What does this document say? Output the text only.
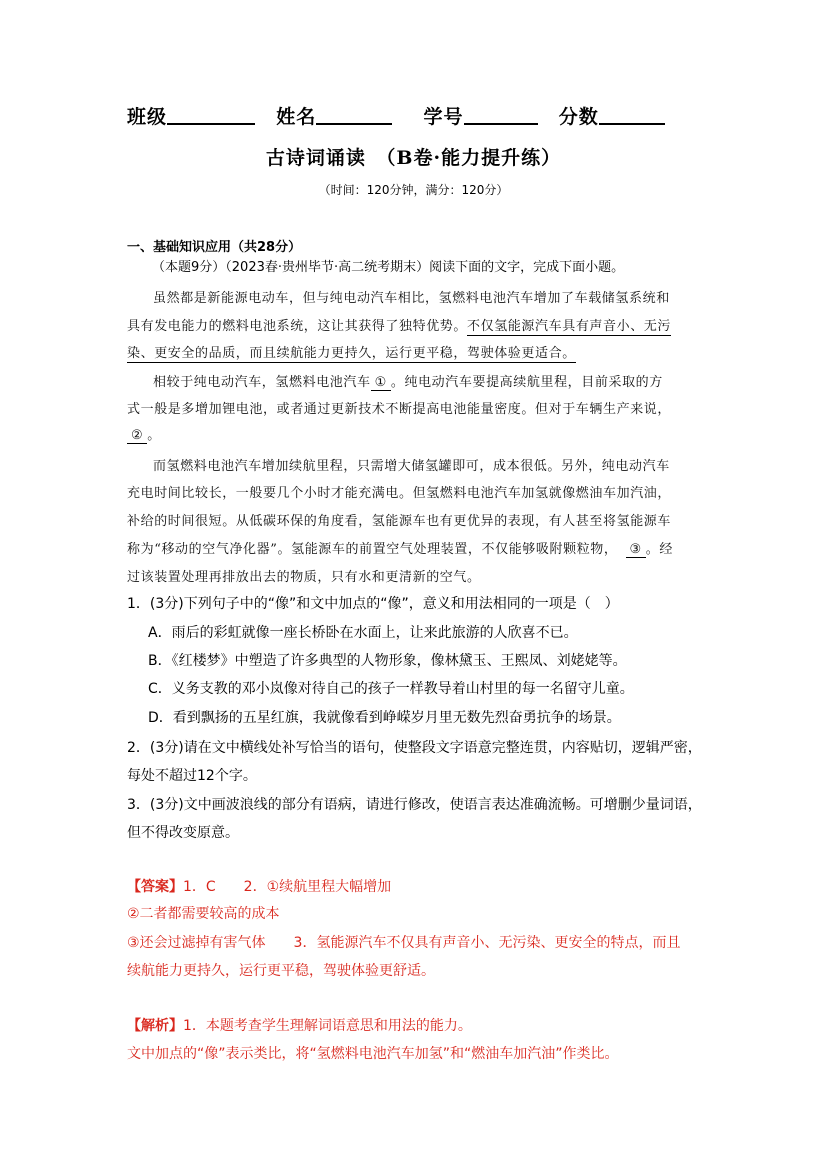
班级	姓名	学号	分数
古诗词诵读　（B卷·能力提升练）
（时间：120分钟，满分：120分）
一、基础知识应用（共28分）
（本题9分）（2023春·贵州毕节·高二统考期末）阅读下面的文字，完成下面小题。
虽然都是新能源电动车，但与纯电动汽车相比，氢燃料电池汽车增加了车载储氢系统和
具有发电能力的燃料电池系统，这让其获得了独特优势。不仅氢能源汽车具有声音小、无污
染、更安全的品质，而且续航能力更持久，运行更平稳，驾驶体验更适合。
相较于纯电动汽车，氢燃料电池汽车 ① 。纯电动汽车要提高续航里程，目前采取的方
式一般是多增加锂电池，或者通过更新技术不断提高电池能量密度。但对于车辆生产来说，
② 。
而氢燃料电池汽车增加续航里程，只需增大储氢罐即可，成本很低。另外，纯电动汽车
充电时间比较长，一般要几个小时才能充满电。但氢燃料电池汽车加氢就像燃油车加汽油，
补给的时间很短。从低碳环保的角度看，氢能源车也有更优异的表现，有人甚至将氢能源车
称为“移动的空气净化器”。氢能源车的前置空气处理装置，不仅能够吸附颗粒物， ③ 。经
过该装置处理再排放出去的物质，只有水和更清新的空气。
1．(3分)下列句子中的“像”和文中加点的“像”，意义和用法相同的一项是（　）
A．雨后的彩虹就像一座长桥卧在水面上，让来此旅游的人欣喜不已。
B．《红楼梦》中塑造了许多典型的人物形象，像林黛玉、王熙凤、刘姥姥等。
C．义务支教的邓小岚像对待自己的孩子一样教导着山村里的每一名留守儿童。
D．看到飘扬的五星红旗，我就像看到峥嵘岁月里无数先烈奋勇抗争的场景。
2．(3分)请在文中横线处补写恰当的语句，使整段文字语意完整连贯，内容贴切，逻辑严密，
每处不超过12个字。
3．(3分)文中画波浪线的部分有语病，请进行修改，使语言表达准确流畅。可增删少量词语，
但不得改变原意。
【答案】1．C　　2．①续航里程大幅增加
②二者都需要较高的成本
③还会过滤掉有害气体　　3．氢能源汽车不仅具有声音小、无污染、更安全的特点，而且
续航能力更持久，运行更平稳，驾驶体验更舒适。
【解析】1．本题考查学生理解词语意思和用法的能力。
文中加点的“像”表示类比，将“氢燃料电池汽车加氢”和“燃油车加汽油”作类比。
